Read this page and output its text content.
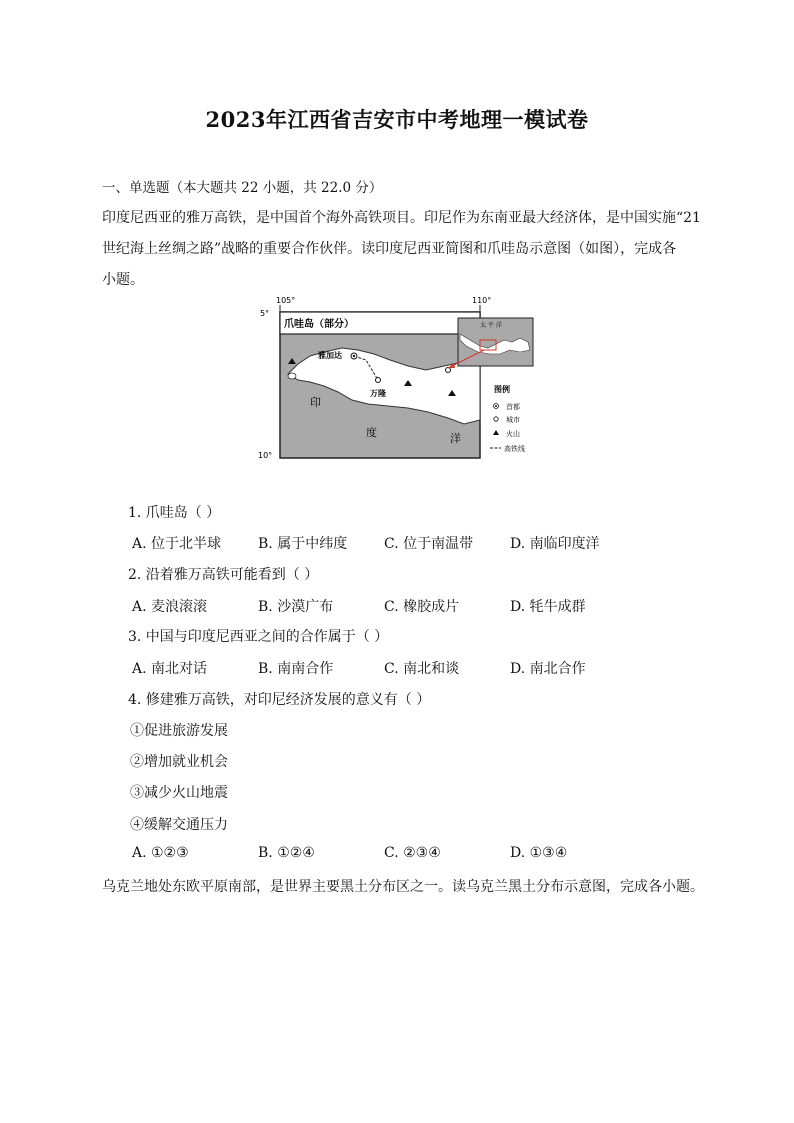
2023年江西省吉安市中考地理一模试卷
一、单选题（本大题共 22 小题，共 22.0 分）
印度尼西亚的雅万高铁，是中国首个海外高铁项目。印尼作为东南亚最大经济体，是中国实施“21
世纪海上丝绸之路”战略的重要合作伙伴。读印度尼西亚简图和爪哇岛示意图（如图），完成各
小题。
105°	110°
5°
10°
爪哇岛（部分）
雅加达
万隆
印
度	洋
太 平 洋
图例
首都
城市
火山
高铁线
1. 爪哇岛（ ）
A. 位于北半球	B. 属于中纬度	C. 位于南温带	D. 南临印度洋
2. 沿着雅万高铁可能看到（ ）
A. 麦浪滚滚	B. 沙漠广布	C. 橡胶成片	D. 牦牛成群
3. 中国与印度尼西亚之间的合作属于（ ）
A. 南北对话	B. 南南合作	C. 南北和谈	D. 南北合作
4. 修建雅万高铁，对印尼经济发展的意义有（ ）
①促进旅游发展
②增加就业机会
③减少火山地震
④缓解交通压力
A. ①②③	B. ①②④	C. ②③④	D. ①③④
乌克兰地处东欧平原南部，是世界主要黑土分布区之一。读乌克兰黑土分布示意图，完成各小题。
